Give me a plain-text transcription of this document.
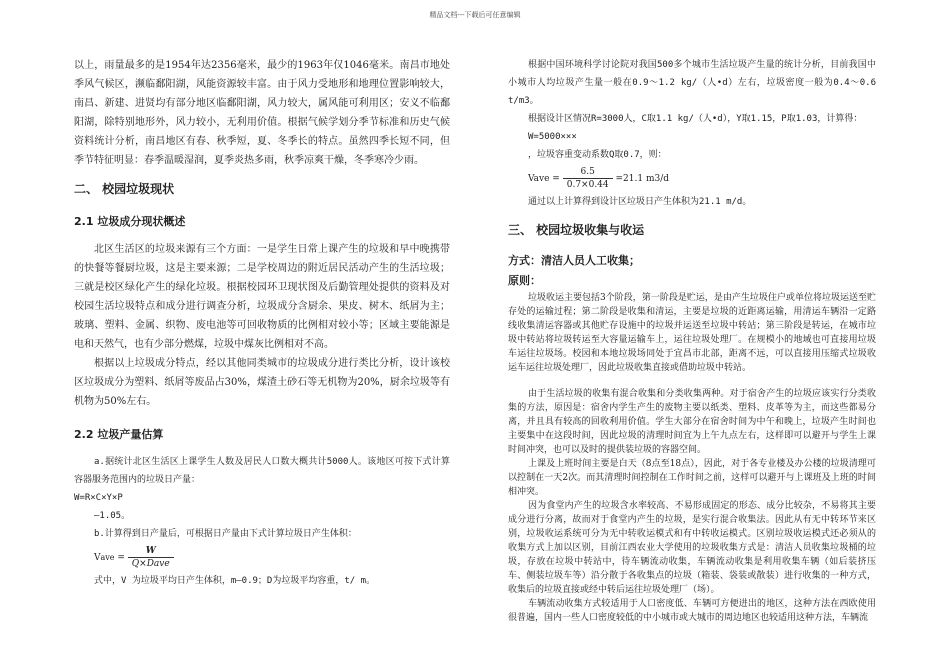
精品文档---下载后可任意编辑

以上，雨量最多的是1954年达2356毫米，最少的1963年仅1046毫米。南昌市地处季风气候区，濒临鄱阳湖，风能资源较丰富。由于风力受地形和地理位置影响较大，南昌、新建、进贤均有部分地区临鄱阳湖，风力较大，属风能可利用区；安义不临鄱阳湖，除特别地形外，风力较小，无利用价值。根据气候学划分季节标准和历史气候资料统计分析，南昌地区有春、秋季短，夏、冬季长的特点。虽然四季长短不同，但季节特征明显：春季温暖湿润，夏季炎热多雨，秋季凉爽干燥，冬季寒冷少雨。

二、 校园垃圾现状
2.1 垃圾成分现状概述

北区生活区的垃圾来源有三个方面：一是学生日常上课产生的垃圾和早中晚携带的快餐等餐厨垃圾，这是主要来源；二是学校周边的附近居民活动产生的生活垃圾；三就是校区绿化产生的绿化垃圾。根据校园环卫现状图及后勤管理处提供的资料及对校园生活垃圾特点和成分进行调查分析，垃圾成分含厨余、果皮、树木、纸屑为主；玻璃、塑料、金属、织物、废电池等可回收物质的比例相对较小等；区域主要能源是电和天然气，也有少部分燃煤，垃圾中煤灰比例相对不高。

根据以上垃圾成分特点，经以其他同类城市的垃圾成分进行类比分析，设计该校区垃圾成分为塑料、纸屑等废品占30%，煤渣土砂石等无机物为20%，厨余垃圾等有机物为50%左右。

2.2 垃圾产量估算

a.据统计北区生活区上课学生人数及居民人口数大概共计5000人。该地区可按下式计算容器服务范围内的垃圾日产量：

W=R×C×Y×P

—1.05。

b.计算得到日产量后，可根据日产量由下式计算垃圾日产生体积：

Vave = $\frac{W}{\text{Q×Dave}}$

式中，V 为垃圾平均日产生体积，m—0.9；D为垃圾平均容重，t/ m。

根据中国环境科学讨论院对我国500多个城市生活垃圾产生量的统计分析，目前我国中小城市人均垃圾产生量一般在0.9～1.2 kg/（人•d）左右，垃圾密度一般为0.4～0.6 t/m3。

根据设计区情况R=3000人，C取1.1 kg/（人•d），Y取1.15，P取1.03，计算得：

W=5000×××

，垃圾容重变动系数Q取0.7，则：

Vave = $\frac{6.5}{0.7\times 0.44} =21.1$ m3/d

通过以上计算得到设计区垃圾日产生体积为21.1 m/d。

三、 校园垃圾收集与收运
方式：清洁人员人工收集；
原则：

垃圾收运主要包括3个阶段，第一阶段是贮运，是由产生垃圾住户或单位将垃圾运送至贮存处的运输过程；第二阶段是收集和清运，主要是垃圾的近距离运输，用清运车辆沿一定路线收集清运容器或其他贮存设施中的垃圾并运送至垃圾中转站；第三阶段是转运，在城市垃圾中转站将垃圾转运至大容量运输车上，运往垃圾处理厂。在规模小的地域也可直接用垃圾车运往垃圾场。校园和本地垃圾场同处于宜昌市北部，距离不远，可以直接用压缩式垃圾收运车运往垃圾处理厂，因此垃圾收集直接或借助垃圾中转站。

由于生活垃圾的收集有混合收集和分类收集两种。对于宿舍产生的垃圾应该实行分类收集的方法，原因是：宿舍内学生产生的废物主要以纸类、塑料、皮革等为主，而这些都易分离，并且具有较高的回收利用价值。学生大部分在宿舍时间为中午和晚上，垃圾产生时间也主要集中在这段时间，因此垃圾的清理时间宜为上午九点左右，这样即可以避开与学生上课时间冲突，也可以及时的提供装垃圾的容器空间。

上课及上班时间主要是白天（8点至18点），因此，对于各专业楼及办公楼的垃圾清理可以控制在一天2次。而其清理时间控制在工作时间之前，这样可以避开与上课班及上班的时间相冲突。

因为食堂内产生的垃圾含水率较高、不易形成固定的形态、成分比较杂，不易将其主要成分进行分离，故而对于食堂内产生的垃圾，是实行混合收集法。因此从有无中转环节来区别，垃圾收运系统可分为无中转收运模式和有中转收运模式。区别垃圾收运模式还必须从的收集方式上加以区别，目前江西农业大学使用的垃圾收集方式是：清洁人员收集垃圾桶的垃圾，存放在垃圾中转站中，待车辆流动收集，车辆流动收集是利用收集车辆（如后装挤压车、侧装垃圾车等）沿分散于各收集点的垃圾（箱装、袋装或散装）进行收集的一种方式，收集后的垃圾直接或经中转后运往垃圾处理厂（场）。

车辆流动收集方式较适用于人口密度低、车辆可方便进出的地区，这种方法在西欧使用很普遍，国内一些人口密度较低的中小城市或大城市的周边地区也较适用这种方法，车辆流
